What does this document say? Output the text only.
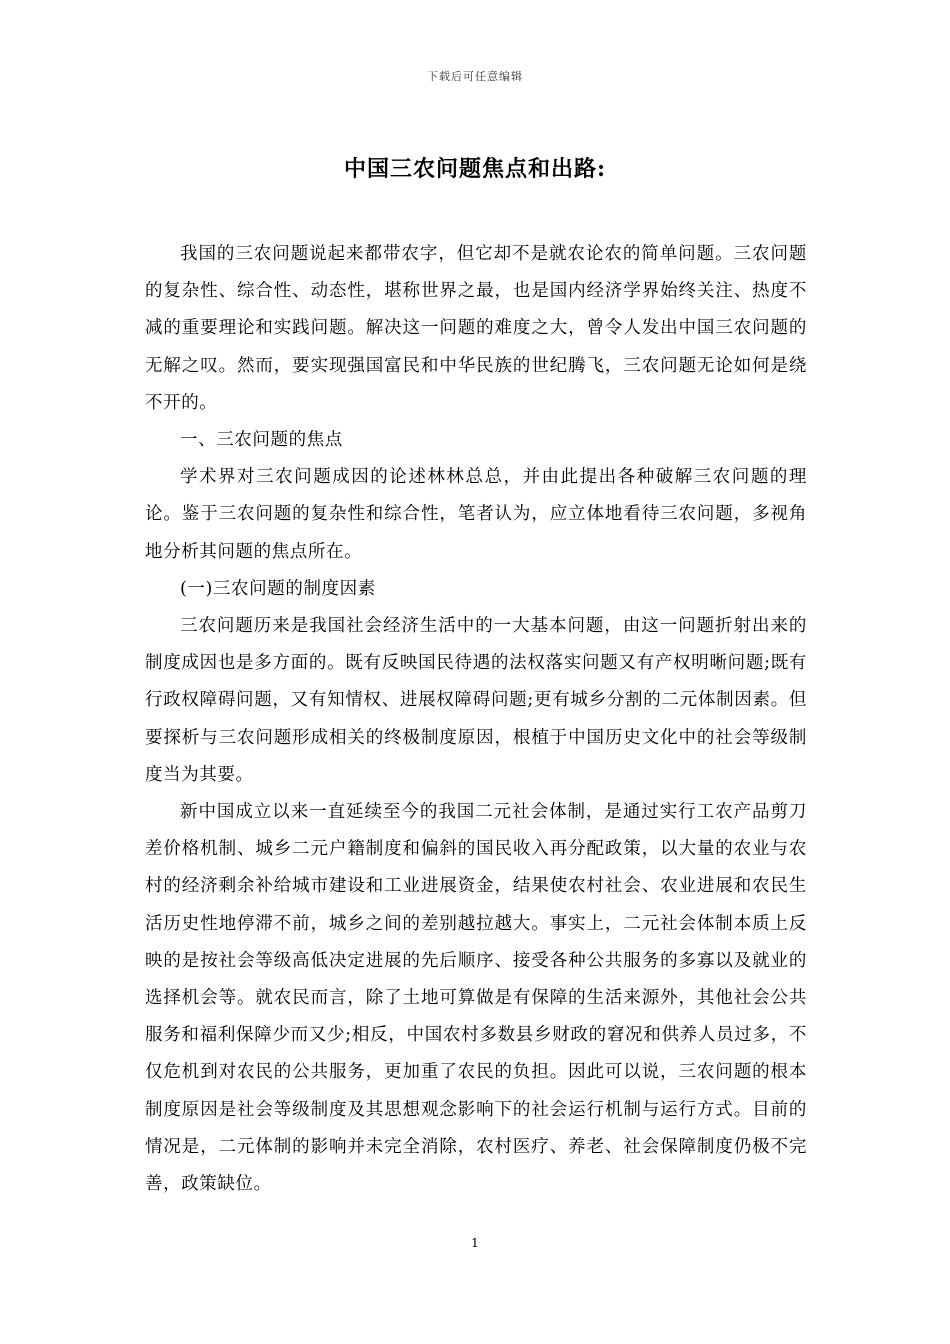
下载后可任意编辑
中国三农问题焦点和出路:

我国的三农问题说起来都带农字，但它却不是就农论农的简单问题。三农问题的复杂性、综合性、动态性，堪称世界之最，也是国内经济学界始终关注、热度不减的重要理论和实践问题。解决这一问题的难度之大，曾令人发出中国三农问题的无解之叹。然而，要实现强国富民和中华民族的世纪腾飞，三农问题无论如何是绕不开的。

一、三农问题的焦点

学术界对三农问题成因的论述林林总总，并由此提出各种破解三农问题的理论。鉴于三农问题的复杂性和综合性，笔者认为，应立体地看待三农问题，多视角地分析其问题的焦点所在。

(一)三农问题的制度因素

三农问题历来是我国社会经济生活中的一大基本问题，由这一问题折射出来的制度成因也是多方面的。既有反映国民待遇的法权落实问题又有产权明晰问题;既有行政权障碍问题，又有知情权、进展权障碍问题;更有城乡分割的二元体制因素。但要探析与三农问题形成相关的终极制度原因，根植于中国历史文化中的社会等级制度当为其要。

新中国成立以来一直延续至今的我国二元社会体制，是通过实行工农产品剪刀差价格机制、城乡二元户籍制度和偏斜的国民收入再分配政策，以大量的农业与农村的经济剩余补给城市建设和工业进展资金，结果使农村社会、农业进展和农民生活历史性地停滞不前，城乡之间的差别越拉越大。事实上，二元社会体制本质上反映的是按社会等级高低决定进展的先后顺序、接受各种公共服务的多寡以及就业的选择机会等。就农民而言，除了土地可算做是有保障的生活来源外，其他社会公共服务和福利保障少而又少;相反，中国农村多数县乡财政的窘况和供养人员过多，不仅危机到对农民的公共服务，更加重了农民的负担。因此可以说，三农问题的根本制度原因是社会等级制度及其思想观念影响下的社会运行机制与运行方式。目前的情况是，二元体制的影响并未完全消除，农村医疗、养老、社会保障制度仍极不完善，政策缺位。

1
